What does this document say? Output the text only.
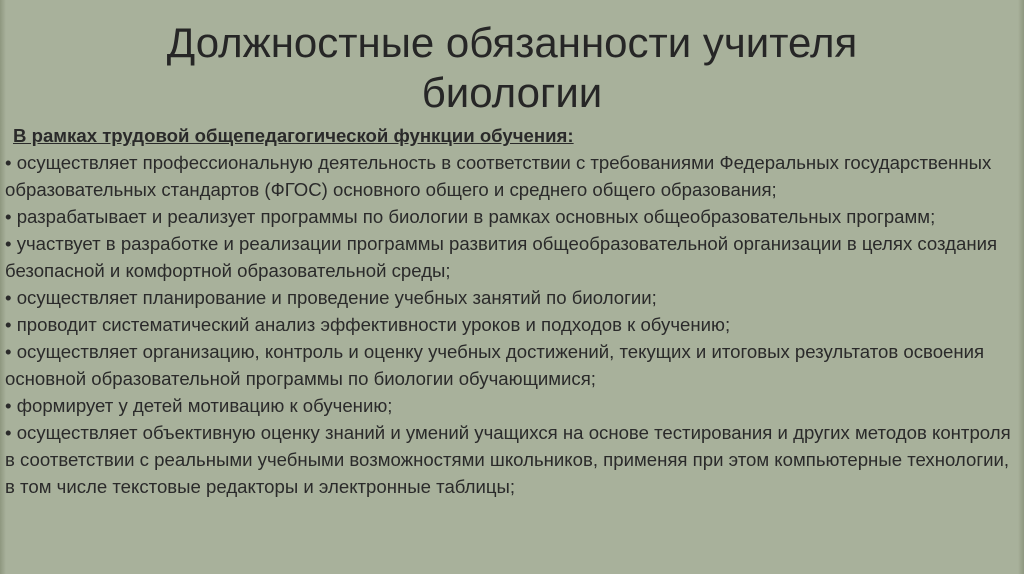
Должностные обязанности учителя
биологии

В рамках трудовой общепедагогической функции обучения:

• осуществляет профессиональную деятельность в соответствии с требованиями Федеральных государственных образовательных стандартов (ФГОС) основного общего и среднего общего образования;

• разрабатывает и реализует программы по биологии в рамках основных общеобразовательных программ;

• участвует в разработке и реализации программы развития общеобразовательной организации в целях создания безопасной и комфортной образовательной среды;

• осуществляет планирование и проведение учебных занятий по биологии;

• проводит систематический анализ эффективности уроков и подходов к обучению;

• осуществляет организацию, контроль и оценку учебных достижений, текущих и итоговых результатов освоения основной образовательной программы по биологии обучающимися;

• формирует у детей мотивацию к обучению;

• осуществляет объективную оценку знаний и умений учащихся на основе тестирования и других методов контроля в соответствии с реальными учебными возможностями школьников, применяя при этом компьютерные технологии, в том числе текстовые редакторы и электронные таблицы;
